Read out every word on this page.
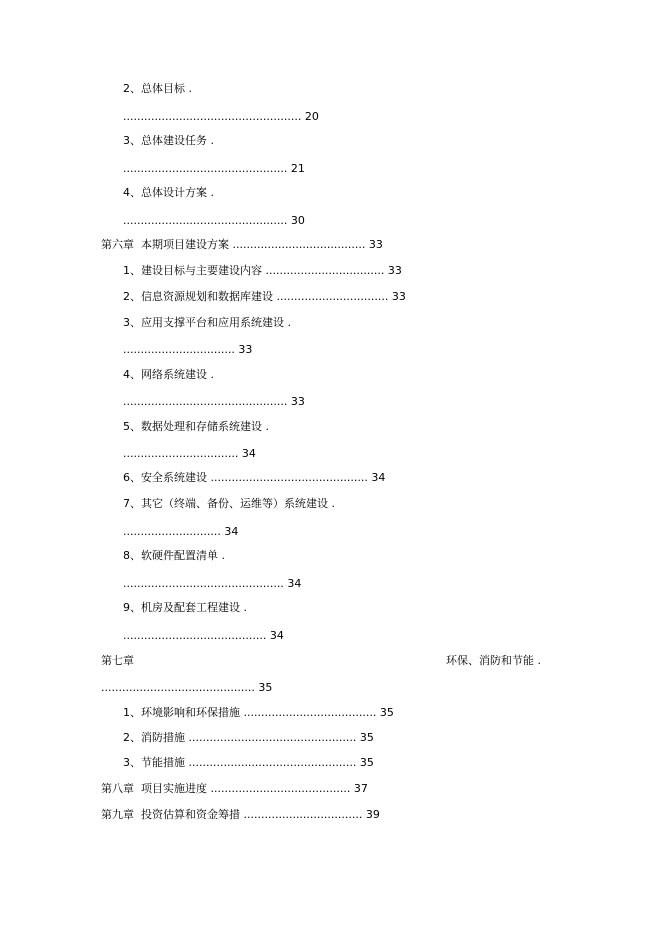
2、总体目标 .
................................................... 20
3、总体建设任务 .
............................................... 21
4、总体设计方案 .
............................................... 30
第六章  本期项目建设方案 ...................................... 33
1、建设目标与主要建设内容 .................................. 33
2、信息资源规划和数据库建设 ................................ 33
3、应用支撑平台和应用系统建设 .
................................ 33
4、网络系统建设 .
............................................... 33
5、数据处理和存储系统建设 .
................................. 34
6、安全系统建设 ............................................. 34
7、其它（终端、备份、运维等）系统建设 .
............................ 34
8、软硬件配置清单 .
.............................................. 34
9、机房及配套工程建设 .
......................................... 34
第七章	环保、消防和节能 .
............................................ 35
1、环境影响和环保措施 ...................................... 35
2、消防措施 ................................................ 35
3、节能措施 ................................................ 35
第八章  项目实施进度 ........................................ 37
第九章  投资估算和资金筹措 .................................. 39
